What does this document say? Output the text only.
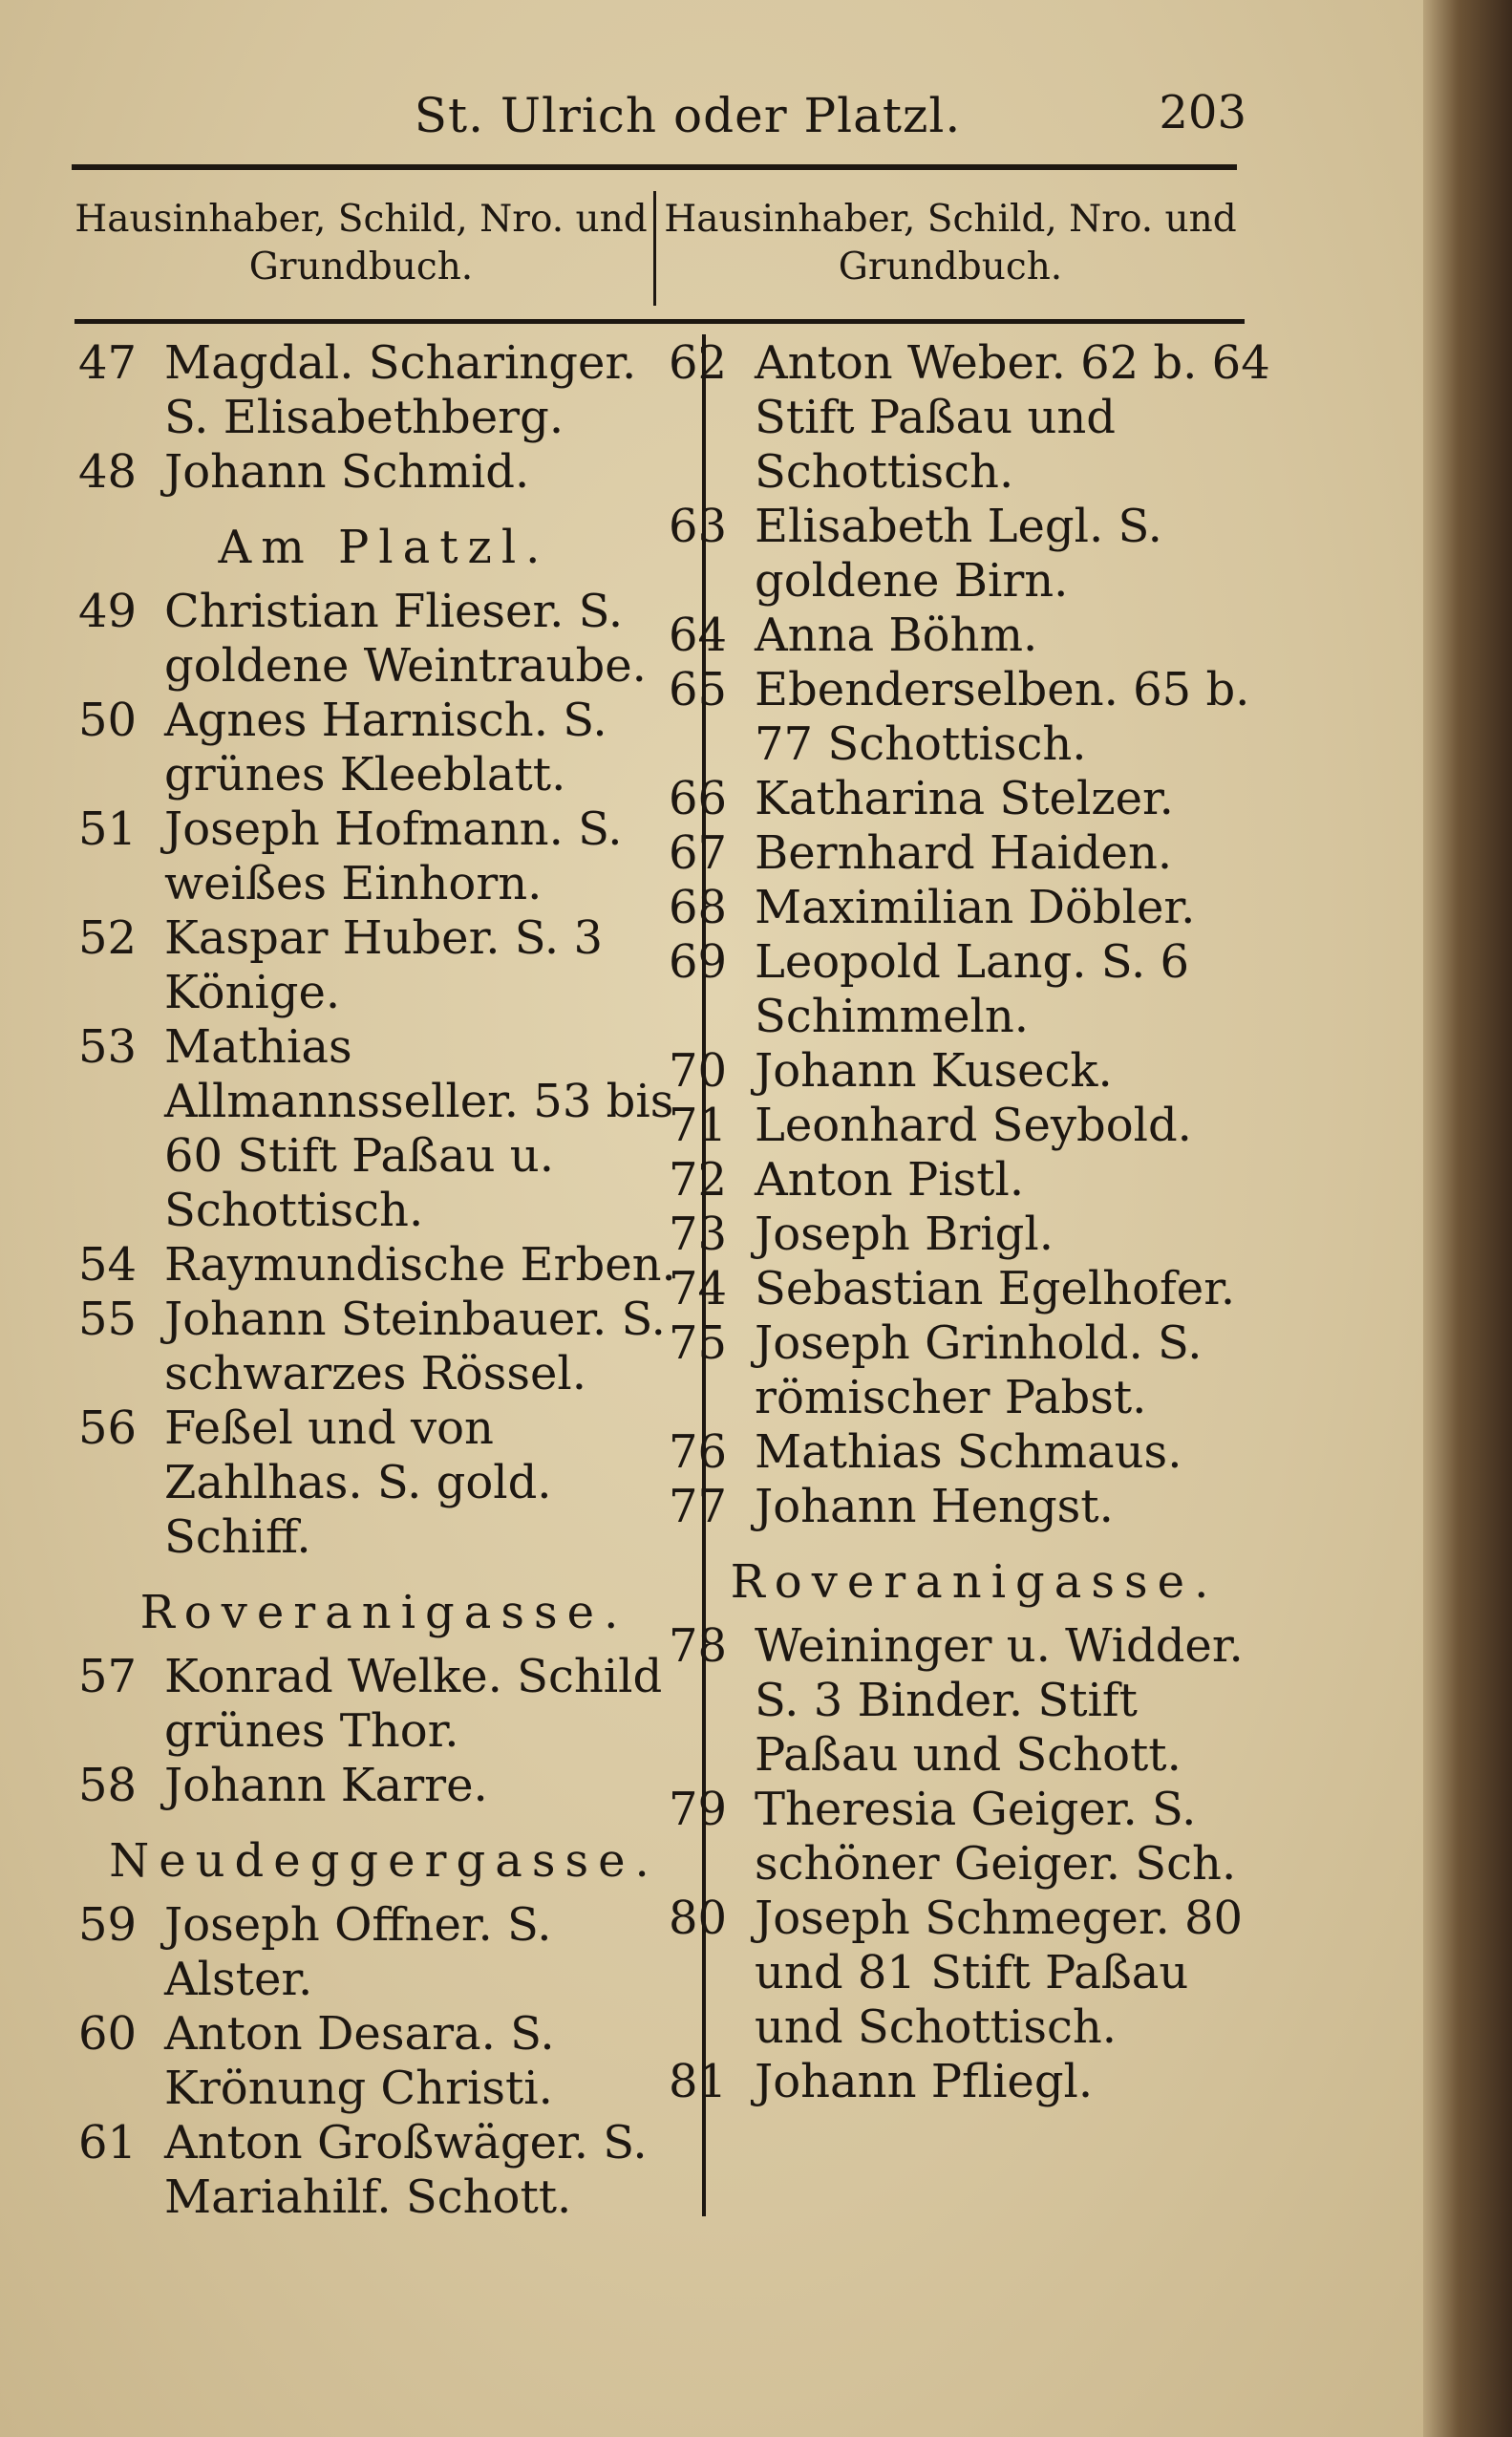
St. Ulrich oder Platzl.	203
Hausinhaber, Schild, Nro. und Grundbuch.
Hausinhaber, Schild, Nro. und Grundbuch.
47 Magdal. Scharinger. S. Elisabethberg.
48 Johann Schmid.
Am Platzl.
49 Christian Flieser. S. goldene Weintraube.
50 Agnes Harnisch. S. grünes Kleeblatt.
51 Joseph Hofmann. S. weißes Einhorn.
52 Kaspar Huber. S. 3 Könige.
53 Mathias Allmannsseller. 53 bis 60 Stift Paßau u. Schottisch.
54 Raymundische Erben.
55 Johann Steinbauer. S. schwarzes Rössel.
56 Feßel und von Zahlhas. S. gold. Schiff.
Roveranigasse.
57 Konrad Welke. Schild grünes Thor.
58 Johann Karre.
Neudeggergasse.
59 Joseph Offner. S. Alster.
60 Anton Desara. S. Krönung Christi.
61 Anton Großwäger. S. Mariahilf. Schott.
62 Anton Weber. 62 b. 64 Stift Paßau und Schottisch.
63 Elisabeth Legl. S. goldene Birn.
64 Anna Böhm.
65 Ebenderselben. 65 b. 77 Schottisch.
66 Katharina Stelzer.
67 Bernhard Haiden.
68 Maximilian Döbler.
69 Leopold Lang. S. 6 Schimmeln.
70 Johann Kuseck.
71 Leonhard Seybold.
72 Anton Pistl.
73 Joseph Brigl.
74 Sebastian Egelhofer.
75 Joseph Grinhold. S. römischer Pabst.
76 Mathias Schmaus.
77 Johann Hengst.
Roveranigasse.
78 Weininger u. Widder. S. 3 Binder. Stift Paßau und Schott.
79 Theresia Geiger. S. schöner Geiger. Sch.
80 Joseph Schmeger. 80 und 81 Stift Paßau und Schottisch.
81 Johann Pfliegl.
